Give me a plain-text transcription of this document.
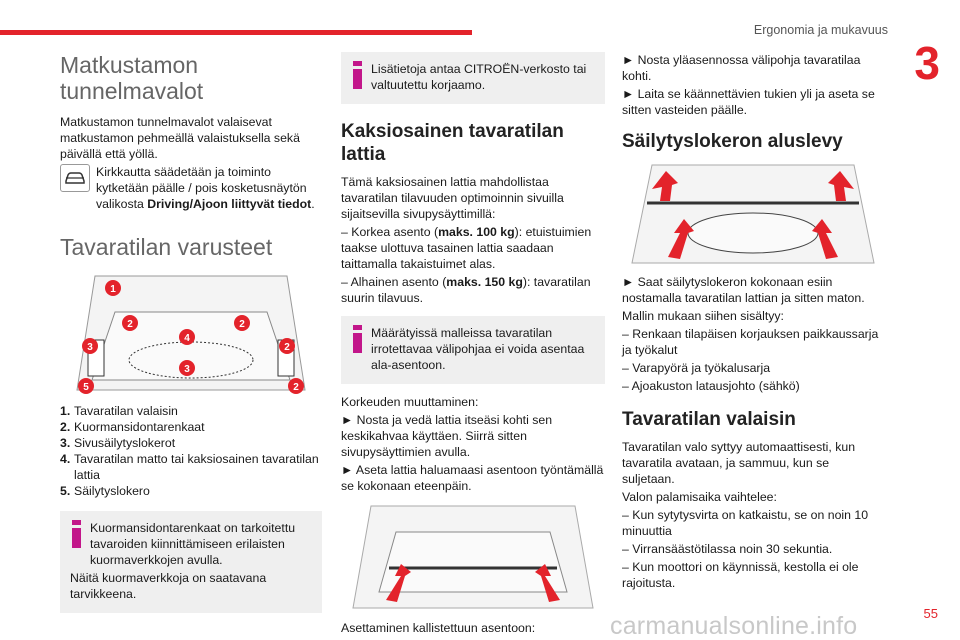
Ergonomia ja mukavuus
3
Matkustamon tunnelmavalot

Matkustamon tunnelmavalot valaisevat matkustamon pehmeällä valaistuksella sekä päivällä että yöllä.

Kirkkautta säädetään ja toiminto kytketään päälle / pois kosketusnäytön valikosta Driving/Ajoon liittyvät tiedot.

Tavaratilan varusteet
1
2	2
3
4
2
3
5	2
1. Tavaratilan valaisin
2. Kuormansidontarenkaat
3. Sivusäilytyslokerot
4. Tavaratilan matto tai kaksiosainen tavaratilan lattia
5. Säilytyslokero

Kuormansidontarenkaat on tarkoitettu tavaroiden kiinnittämiseen erilaisten kuormaverkkojen avulla.

Näitä kuormaverkkoja on saatavana tarvikkeena.

Lisätietoja antaa CITROËN-verkosto tai valtuutettu korjaamo.

Kaksiosainen tavaratilan lattia

Tämä kaksiosainen lattia mahdollistaa tavaratilan tilavuuden optimoinnin sivuilla sijaitsevilla sivupysäyttimillä:

– Korkea asento (maks. 100 kg): etuistuimien taakse ulottuva tasainen lattia saadaan taittamalla takaistuimet alas.

– Alhainen asento (maks. 150 kg): tavaratilan suurin tilavuus.

Määrätyissä malleissa tavaratilan irrotettavaa välipohjaa ei voida asentaa ala-asentoon.

Korkeuden muuttaminen:

► Nosta ja vedä lattia itseäsi kohti sen keskikahvaa käyttäen. Siirrä sitten sivupysäyttimien avulla.

► Aseta lattia haluamaasi asentoon työntämällä se kokonaan eteenpäin.

Asettaminen kallistettuun asentoon:

► Nosta yläasennossa välipohja tavaratilaa kohti.

► Laita se käännettävien tukien yli ja aseta se sitten vasteiden päälle.

Säilytyslokeron aluslevy

► Saat säilytyslokeron kokonaan esiin nostamalla tavaratilan lattian ja sitten maton.

Mallin mukaan siihen sisältyy:

– Renkaan tilapäisen korjauksen paikkaussarja ja työkalut

– Varapyörä ja työkalusarja

– Ajoakuston latausjohto (sähkö)

Tavaratilan valaisin

Tavaratilan valo syttyy automaattisesti, kun tavaratila avataan, ja sammuu, kun se suljetaan.

Valon palamisaika vaihtelee:

– Kun sytytysvirta on katkaistu, se on noin 10 minuuttia

– Virransäästötilassa noin 30 sekuntia.

– Kun moottori on käynnissä, kestolla ei ole rajoitusta.

carmanualsonline.info	55
